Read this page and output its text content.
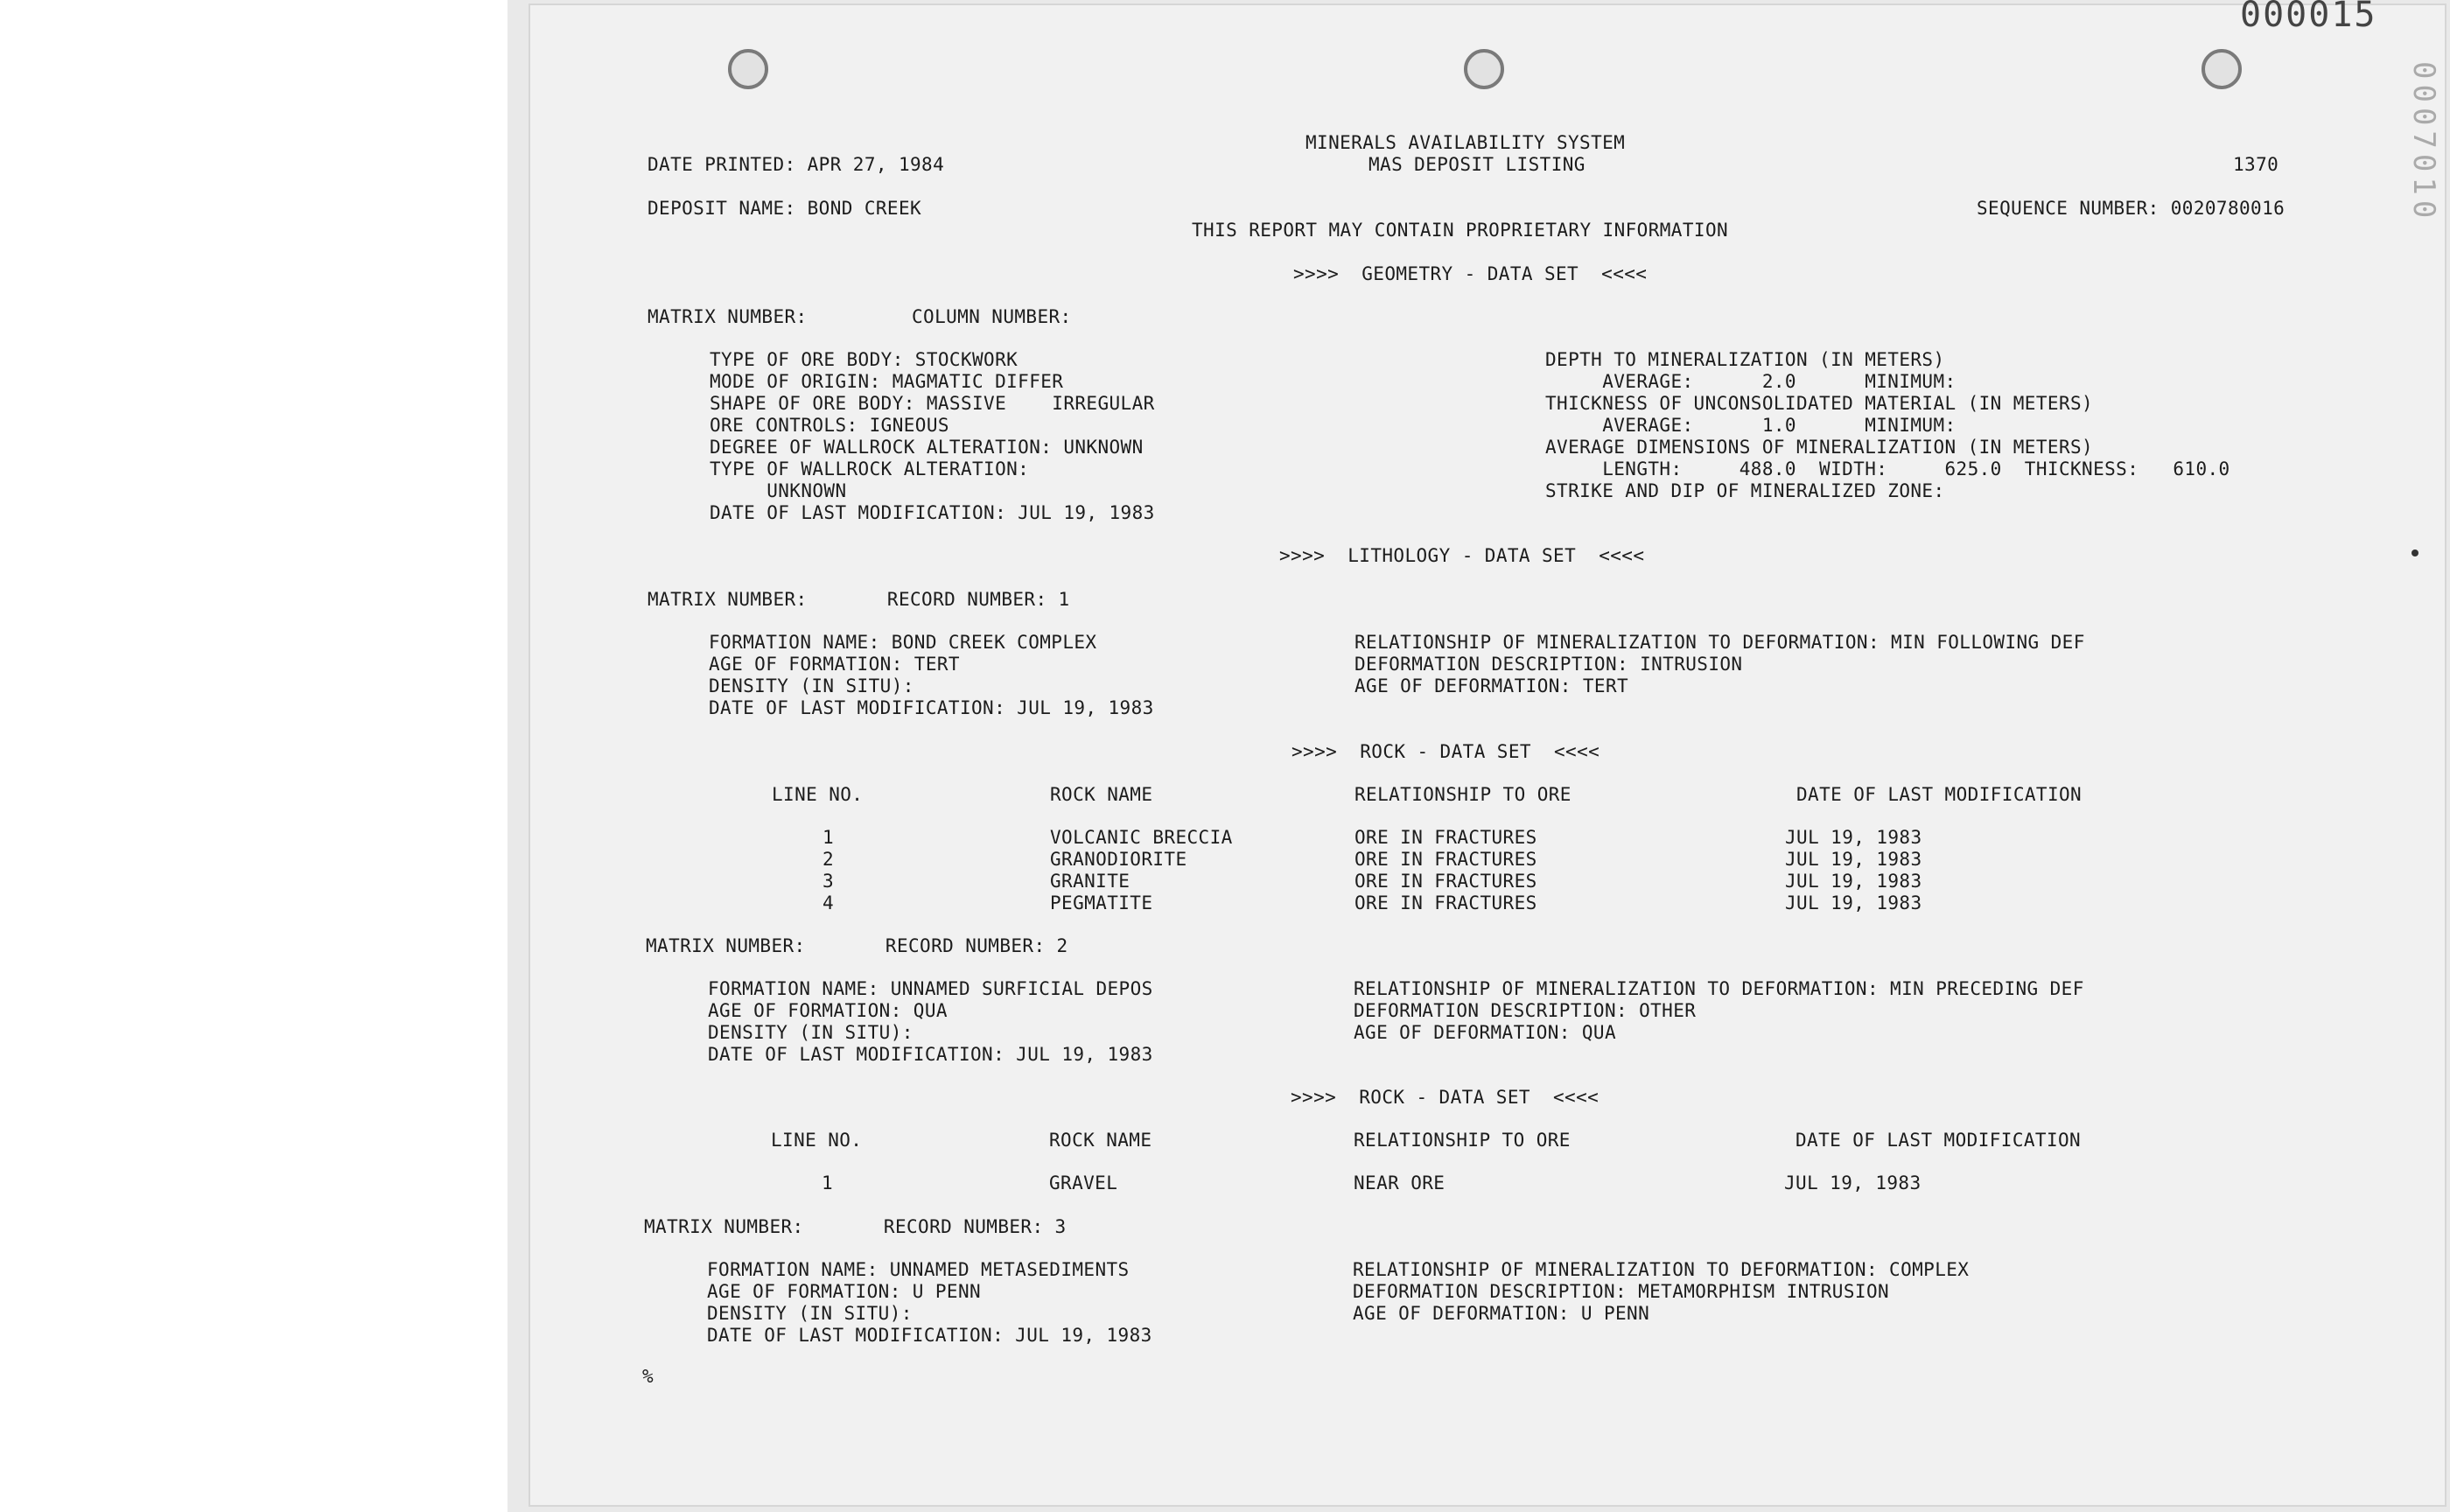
000015
0007010
MINERALS AVAILABILITY SYSTEM
MAS DEPOSIT LISTING
DATE PRINTED: APR 27, 1984	1370
DEPOSIT NAME: BOND CREEK	SEQUENCE NUMBER: 0020780016
THIS REPORT MAY CONTAIN PROPRIETARY INFORMATION
>>>>  GEOMETRY - DATA SET  <<<<
MATRIX NUMBER:	COLUMN NUMBER:
TYPE OF ORE BODY: STOCKWORK
MODE OF ORIGIN: MAGMATIC DIFFER
SHAPE OF ORE BODY: MASSIVE    IRREGULAR
ORE CONTROLS: IGNEOUS
DEGREE OF WALLROCK ALTERATION: UNKNOWN
TYPE OF WALLROCK ALTERATION:
UNKNOWN
DATE OF LAST MODIFICATION: JUL 19, 1983
DEPTH TO MINERALIZATION (IN METERS)
AVERAGE:      2.0      MINIMUM:
THICKNESS OF UNCONSOLIDATED MATERIAL (IN METERS)
AVERAGE:      1.0      MINIMUM:
AVERAGE DIMENSIONS OF MINERALIZATION (IN METERS)
LENGTH:     488.0  WIDTH:     625.0  THICKNESS:   610.0
STRIKE AND DIP OF MINERALIZED ZONE:
>>>>  LITHOLOGY - DATA SET  <<<<
MATRIX NUMBER:       RECORD NUMBER: 1
FORMATION NAME: BOND CREEK COMPLEX
AGE OF FORMATION: TERT
DENSITY (IN SITU):
DATE OF LAST MODIFICATION: JUL 19, 1983
RELATIONSHIP OF MINERALIZATION TO DEFORMATION: MIN FOLLOWING DEF
DEFORMATION DESCRIPTION: INTRUSION
AGE OF DEFORMATION: TERT
>>>>  ROCK - DATA SET  <<<<
LINE NO.	ROCK NAME	RELATIONSHIP TO ORE	DATE OF LAST MODIFICATION
1	VOLCANIC BRECCIA	ORE IN FRACTURES	JUL 19, 1983
2	GRANODIORITE	ORE IN FRACTURES	JUL 19, 1983
3	GRANITE	ORE IN FRACTURES	JUL 19, 1983
4	PEGMATITE	ORE IN FRACTURES	JUL 19, 1983
MATRIX NUMBER:       RECORD NUMBER: 2
FORMATION NAME: UNNAMED SURFICIAL DEPOS
AGE OF FORMATION: QUA
DENSITY (IN SITU):
DATE OF LAST MODIFICATION: JUL 19, 1983
RELATIONSHIP OF MINERALIZATION TO DEFORMATION: MIN PRECEDING DEF
DEFORMATION DESCRIPTION: OTHER
AGE OF DEFORMATION: QUA
>>>>  ROCK - DATA SET  <<<<
LINE NO.	ROCK NAME	RELATIONSHIP TO ORE	DATE OF LAST MODIFICATION
1	GRAVEL	NEAR ORE	JUL 19, 1983
MATRIX NUMBER:       RECORD NUMBER: 3
FORMATION NAME: UNNAMED METASEDIMENTS
AGE OF FORMATION: U PENN
DENSITY (IN SITU):
DATE OF LAST MODIFICATION: JUL 19, 1983
RELATIONSHIP OF MINERALIZATION TO DEFORMATION: COMPLEX
DEFORMATION DESCRIPTION: METAMORPHISM INTRUSION
AGE OF DEFORMATION: U PENN
%
